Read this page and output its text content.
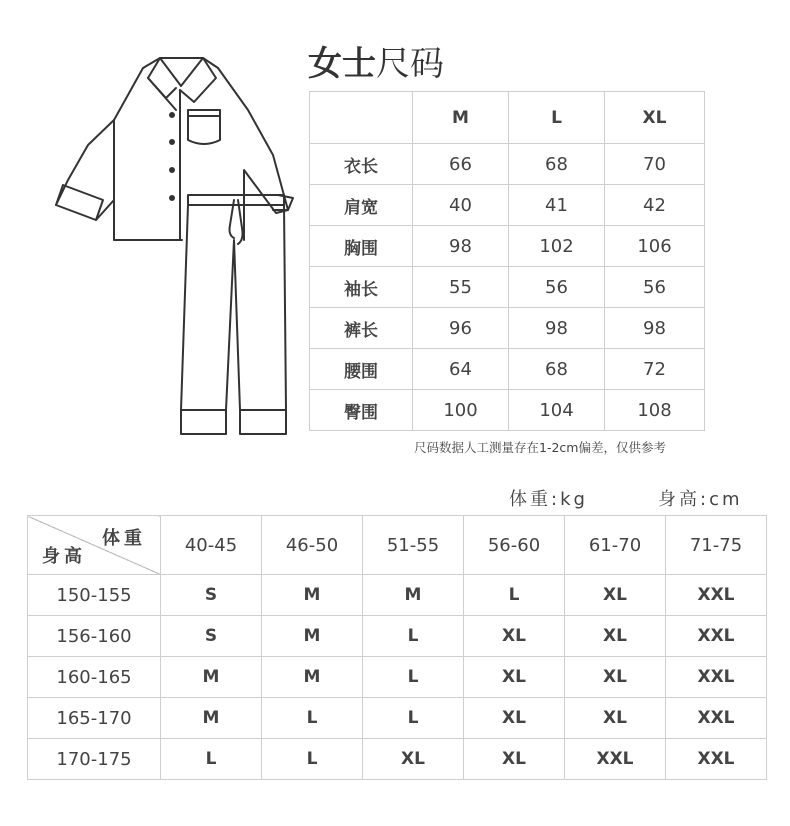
女士尺码
	M	L	XL
衣长	66	68	70
肩宽	40	41	42
胸围	98	102	106
袖长	55	56	56
裤长	96	98	98
腰围	64	68	72
臀围	100	104	108
尺码数据人工测量存在1-2cm偏差，仅供参考
体重:kg	身高:cm
体重
身高	40-45	46-50	51-55	56-60	61-70	71-75
150-155	S	M	M	L	XL	XXL
156-160	S	M	L	XL	XL	XXL
160-165	M	M	L	XL	XL	XXL
165-170	M	L	L	XL	XL	XXL
170-175	L	L	XL	XL	XXL	XXL
